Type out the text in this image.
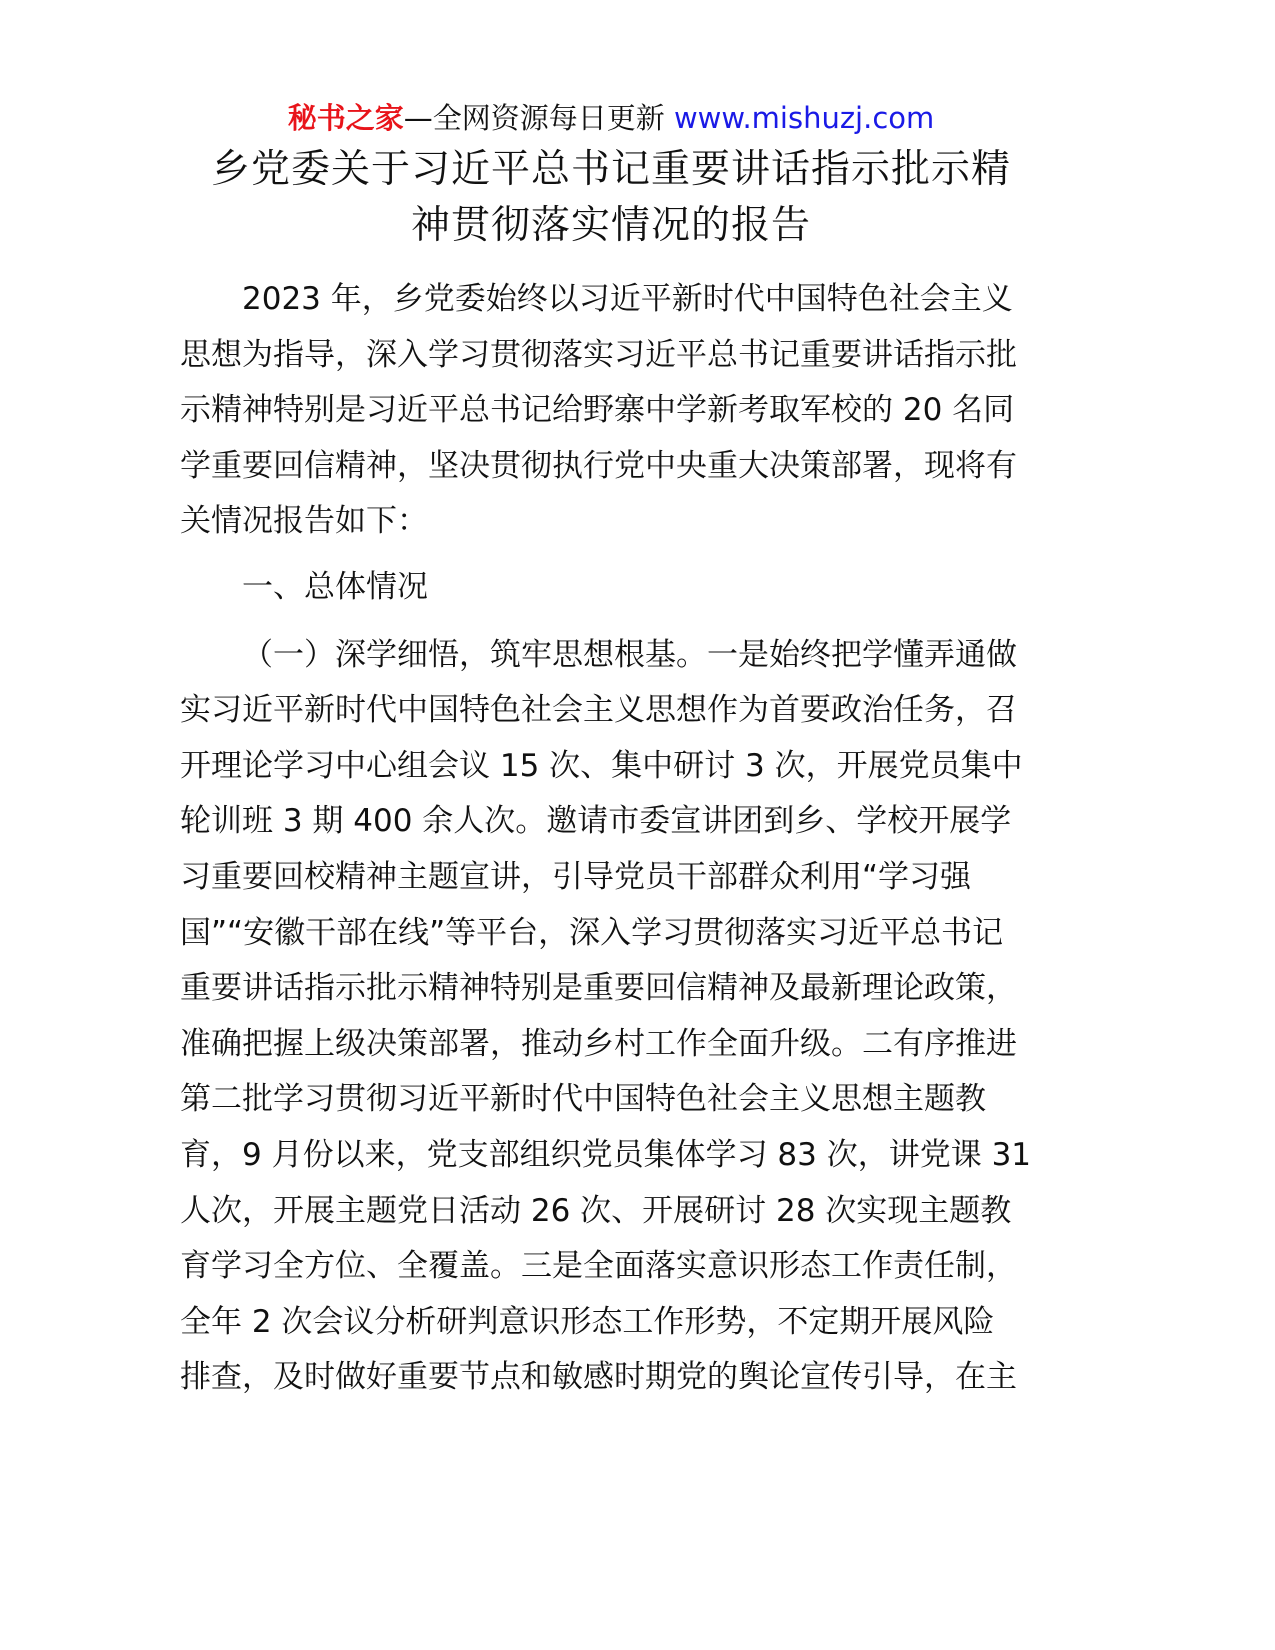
秘书之家—全网资源每日更新 www.mishuzj.com
乡党委关于习近平总书记重要讲话指示批示精
神贯彻落实情况的报告
2023 年，乡党委始终以习近平新时代中国特色社会主义
思想为指导，深入学习贯彻落实习近平总书记重要讲话指示批
示精神特别是习近平总书记给野寨中学新考取军校的 20 名同
学重要回信精神，坚决贯彻执行党中央重大决策部署，现将有
关情况报告如下：
一、总体情况
（一）深学细悟，筑牢思想根基。一是始终把学懂弄通做
实习近平新时代中国特色社会主义思想作为首要政治任务，召
开理论学习中心组会议 15 次、集中研讨 3 次，开展党员集中
轮训班 3 期 400 余人次。邀请市委宣讲团到乡、学校开展学
习重要回校精神主题宣讲，引导党员干部群众利用“学习强
国”“安徽干部在线”等平台，深入学习贯彻落实习近平总书记
重要讲话指示批示精神特别是重要回信精神及最新理论政策，
准确把握上级决策部署，推动乡村工作全面升级。二有序推进
第二批学习贯彻习近平新时代中国特色社会主义思想主题教
育，9 月份以来，党支部组织党员集体学习 83 次，讲党课 31
人次，开展主题党日活动 26 次、开展研讨 28 次实现主题教
育学习全方位、全覆盖。三是全面落实意识形态工作责任制，
全年 2 次会议分析研判意识形态工作形势，不定期开展风险
排查，及时做好重要节点和敏感时期党的舆论宣传引导，在主
